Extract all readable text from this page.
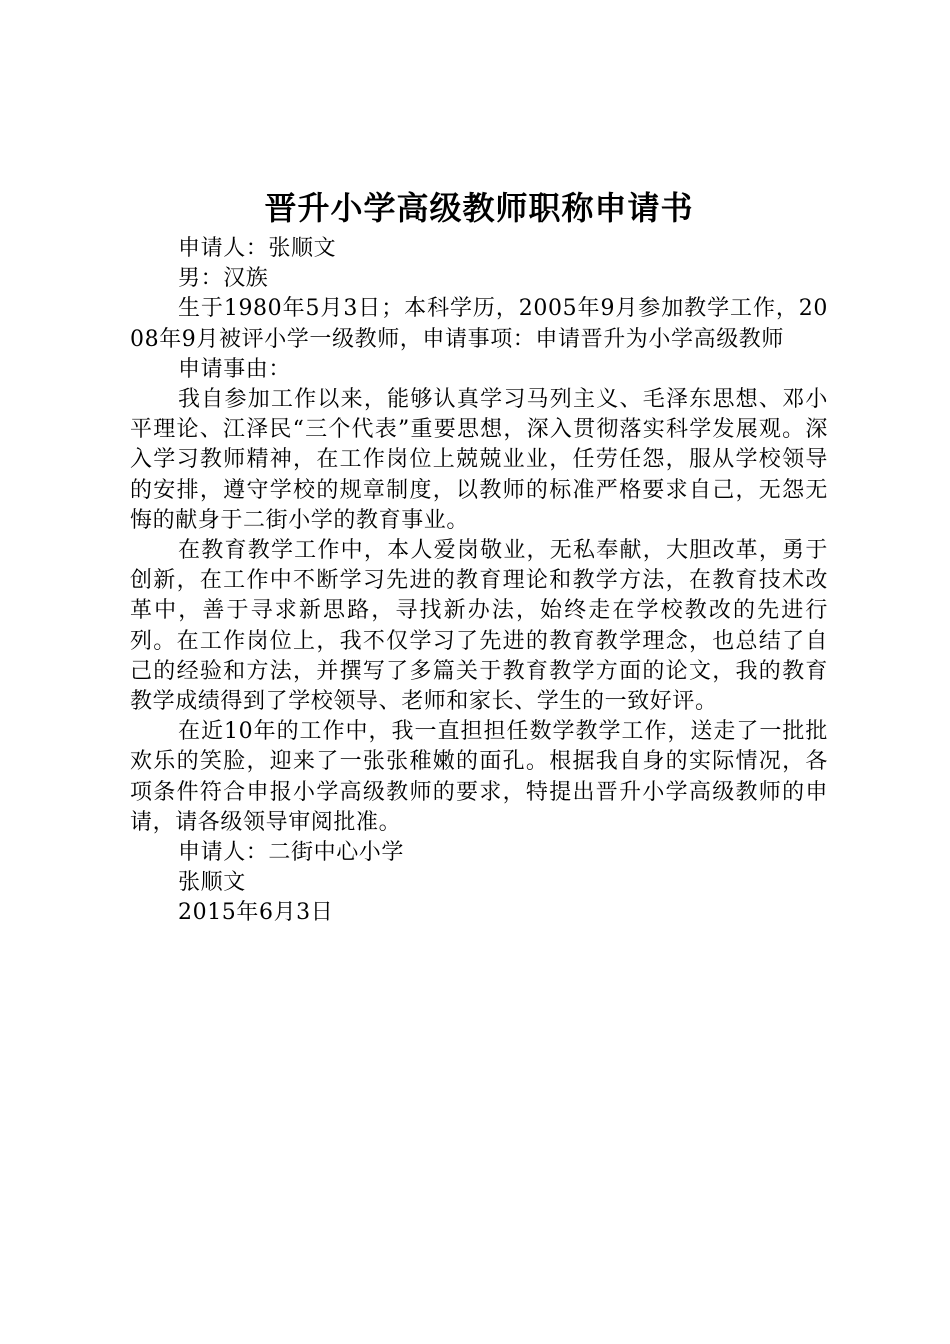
晋升小学高级教师职称申请书

申请人：张顺文

男：汉族

生于1980年5月3日；本科学历，2005年9月参加教学工作，2008年9月被评小学一级教师，申请事项：申请晋升为小学高级教师

申请事由：

我自参加工作以来，能够认真学习马列主义、毛泽东思想、邓小平理论、江泽民“三个代表”重要思想，深入贯彻落实科学发展观。深入学习教师精神，在工作岗位上兢兢业业，任劳任怨，服从学校领导的安排，遵守学校的规章制度，以教师的标准严格要求自己，无怨无悔的献身于二街小学的教育事业。

在教育教学工作中，本人爱岗敬业，无私奉献，大胆改革，勇于创新，在工作中不断学习先进的教育理论和教学方法，在教育技术改革中，善于寻求新思路，寻找新办法，始终走在学校教改的先进行列。在工作岗位上，我不仅学习了先进的教育教学理念，也总结了自己的经验和方法，并撰写了多篇关于教育教学方面的论文，我的教育教学成绩得到了学校领导、老师和家长、学生的一致好评。

在近10年的工作中，我一直担担任数学教学工作，送走了一批批欢乐的笑脸，迎来了一张张稚嫩的面孔。根据我自身的实际情况，各项条件符合申报小学高级教师的要求，特提出晋升小学高级教师的申请，请各级领导审阅批准。

申请人：二街中心小学

张顺文

2015年6月3日
